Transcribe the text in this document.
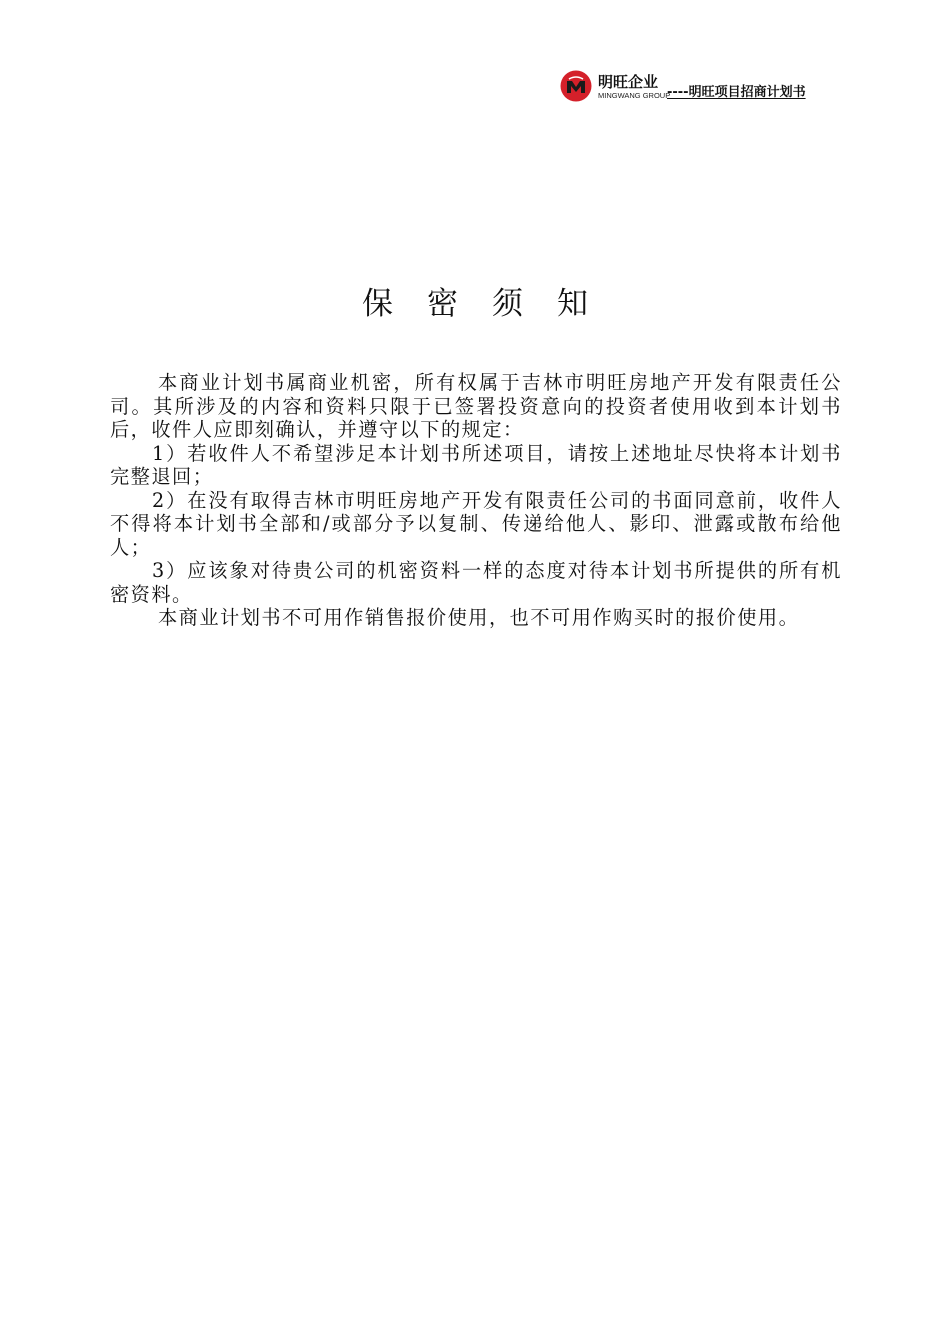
明旺企业
MINGWANG GROUP
----明旺项目招商计划书
保密须知

本商业计划书属商业机密，所有权属于吉林市明旺房地产开发有限责任公司。其所涉及的内容和资料只限于已签署投资意向的投资者使用收到本计划书后，收件人应即刻确认，并遵守以下的规定：

1）若收件人不希望涉足本计划书所述项目，请按上述地址尽快将本计划书完整退回；

2）在没有取得吉林市明旺房地产开发有限责任公司的书面同意前，收件人不得将本计划书全部和/或部分予以复制、传递给他人、影印、泄露或散布给他人；

3）应该象对待贵公司的机密资料一样的态度对待本计划书所提供的所有机密资料。

本商业计划书不可用作销售报价使用，也不可用作购买时的报价使用。
